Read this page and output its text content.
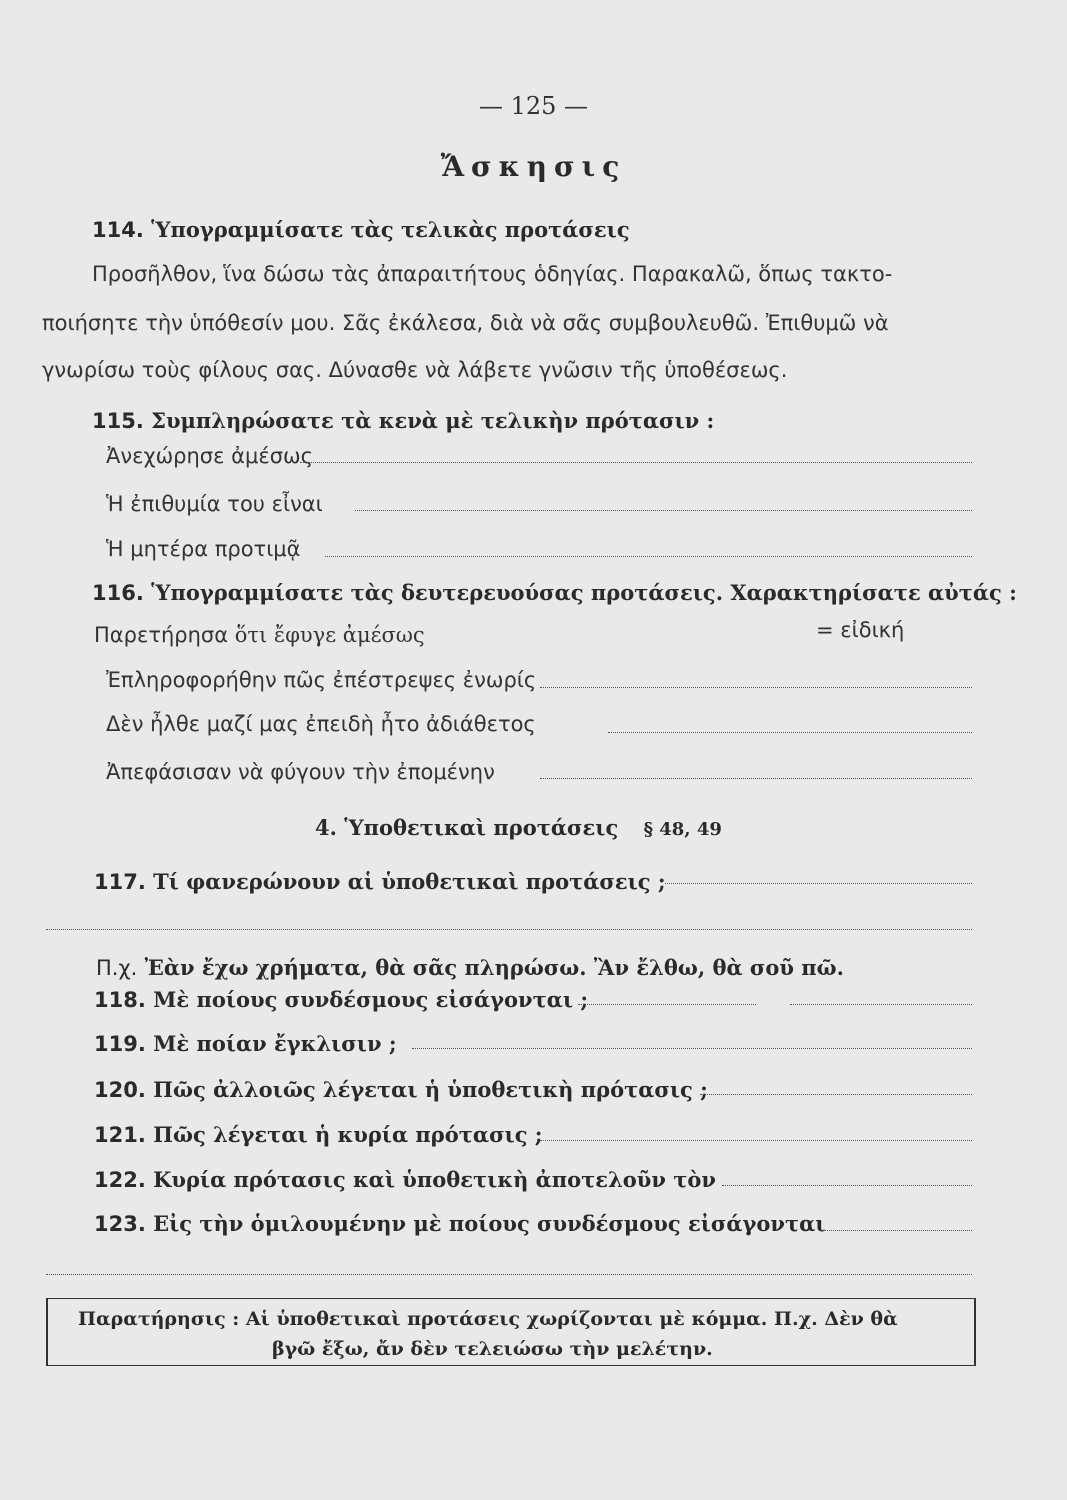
— 125 —
Ἄσκησις
114. Ὑπογραμμίσατε τὰς τελικὰς προτάσεις
Προσῆλθον, ἵνα δώσω τὰς ἀπαραιτήτους ὁδηγίας. Παρακαλῶ, ὅπως τακτο-
ποιήσητε τὴν ὑπόθεσίν μου. Σᾶς ἐκάλεσα, διὰ νὰ σᾶς συμβουλευθῶ. Ἐπιθυμῶ νὰ
γνωρίσω τοὺς φίλους σας. Δύνασθε νὰ λάβετε γνῶσιν τῆς ὑποθέσεως.
115. Συμπληρώσατε τὰ κενὰ μὲ τελικὴν πρότασιν :
Ἀνεχώρησε ἀμέσως
Ἡ ἐπιθυμία του εἶναι
Ἡ μητέρα προτιμᾷ
116. Ὑπογραμμίσατε τὰς δευτερευούσας προτάσεις. Χαρακτηρίσατε αὐτάς :
Παρετήρησα ὅτι ἔφυγε ἀμέσως	= εἰδική
Ἐπληροφορήθην πῶς ἐπέστρεψες ἐνωρίς
Δὲν ἦλθε μαζί μας ἐπειδὴ ἦτο ἀδιάθετος
Ἀπεφάσισαν νὰ φύγουν τὴν ἐπομένην
4. Ὑποθετικαὶ προτάσεις § 48, 49
117. Τί φανερώνουν αἱ ὑποθετικαὶ προτάσεις ;
Π.χ. Ἐὰν ἔχω χρήματα, θὰ σᾶς πληρώσω. Ἂν ἔλθω, θὰ σοῦ πῶ.
118. Μὲ ποίους συνδέσμους εἰσάγονται ;
119. Μὲ ποίαν ἔγκλισιν ;
120. Πῶς ἀλλοιῶς λέγεται ἡ ὑποθετικὴ πρότασις ;
121. Πῶς λέγεται ἡ κυρία πρότασις ;
122. Κυρία πρότασις καὶ ὑποθετικὴ ἀποτελοῦν τὸν
123. Εἰς τὴν ὁμιλουμένην μὲ ποίους συνδέσμους εἰσάγονται
Παρατήρησις : Αἱ ὑποθετικαὶ προτάσεις χωρίζονται μὲ κόμμα. Π.χ. Δὲν θὰ
βγῶ ἔξω, ἄν δὲν τελειώσω τὴν μελέτην.
